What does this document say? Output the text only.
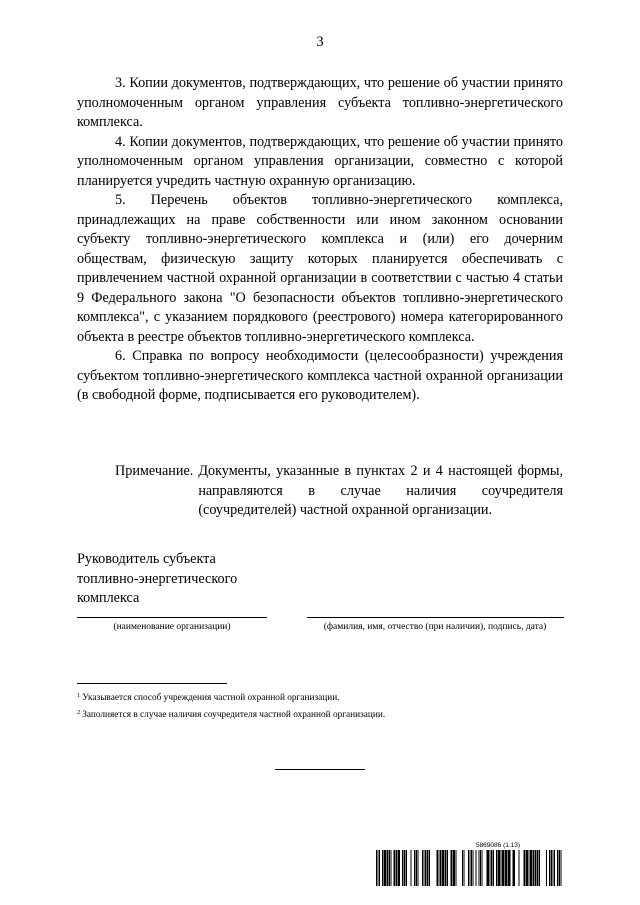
3

3. Копии документов, подтверждающих, что решение об участии принято уполномоченным органом управления субъекта топливно-энергетического комплекса.

4. Копии документов, подтверждающих, что решение об участии принято уполномоченным органом управления организации, совместно с которой планируется учредить частную охранную организацию.

5. Перечень объектов топливно-энергетического комплекса, принадлежащих на праве собственности или ином законном основании субъекту топливно-энергетического комплекса и (или) его дочерним обществам, физическую защиту которых планируется обеспечивать с привлечением частной охранной организации в соответствии с частью 4 статьи 9 Федерального закона "О безопасности объектов топливно-энергетического комплекса", с указанием порядкового (реестрового) номера категорированного объекта в реестре объектов топливно-энергетического комплекса.

6. Справка по вопросу необходимости (целесообразности) учреждения субъектом топливно-энергетического комплекса частной охранной организации (в свободной форме, подписывается его руководителем).

Примечание. Документы, указанные в пунктах 2 и 4 настоящей формы, направляются в случае наличия соучредителя (соучредителей) частной охранной организации.
Руководитель субъекта
топливно-энергетического
комплекса
(наименование организации)	(фамилия, имя, отчество (при наличии), подпись, дата)
$^1$ Указывается способ учреждения частной охранной организации.
$^2$ Заполняется в случае наличия соучредителя частной охранной организации.
5869086 (1.13)
